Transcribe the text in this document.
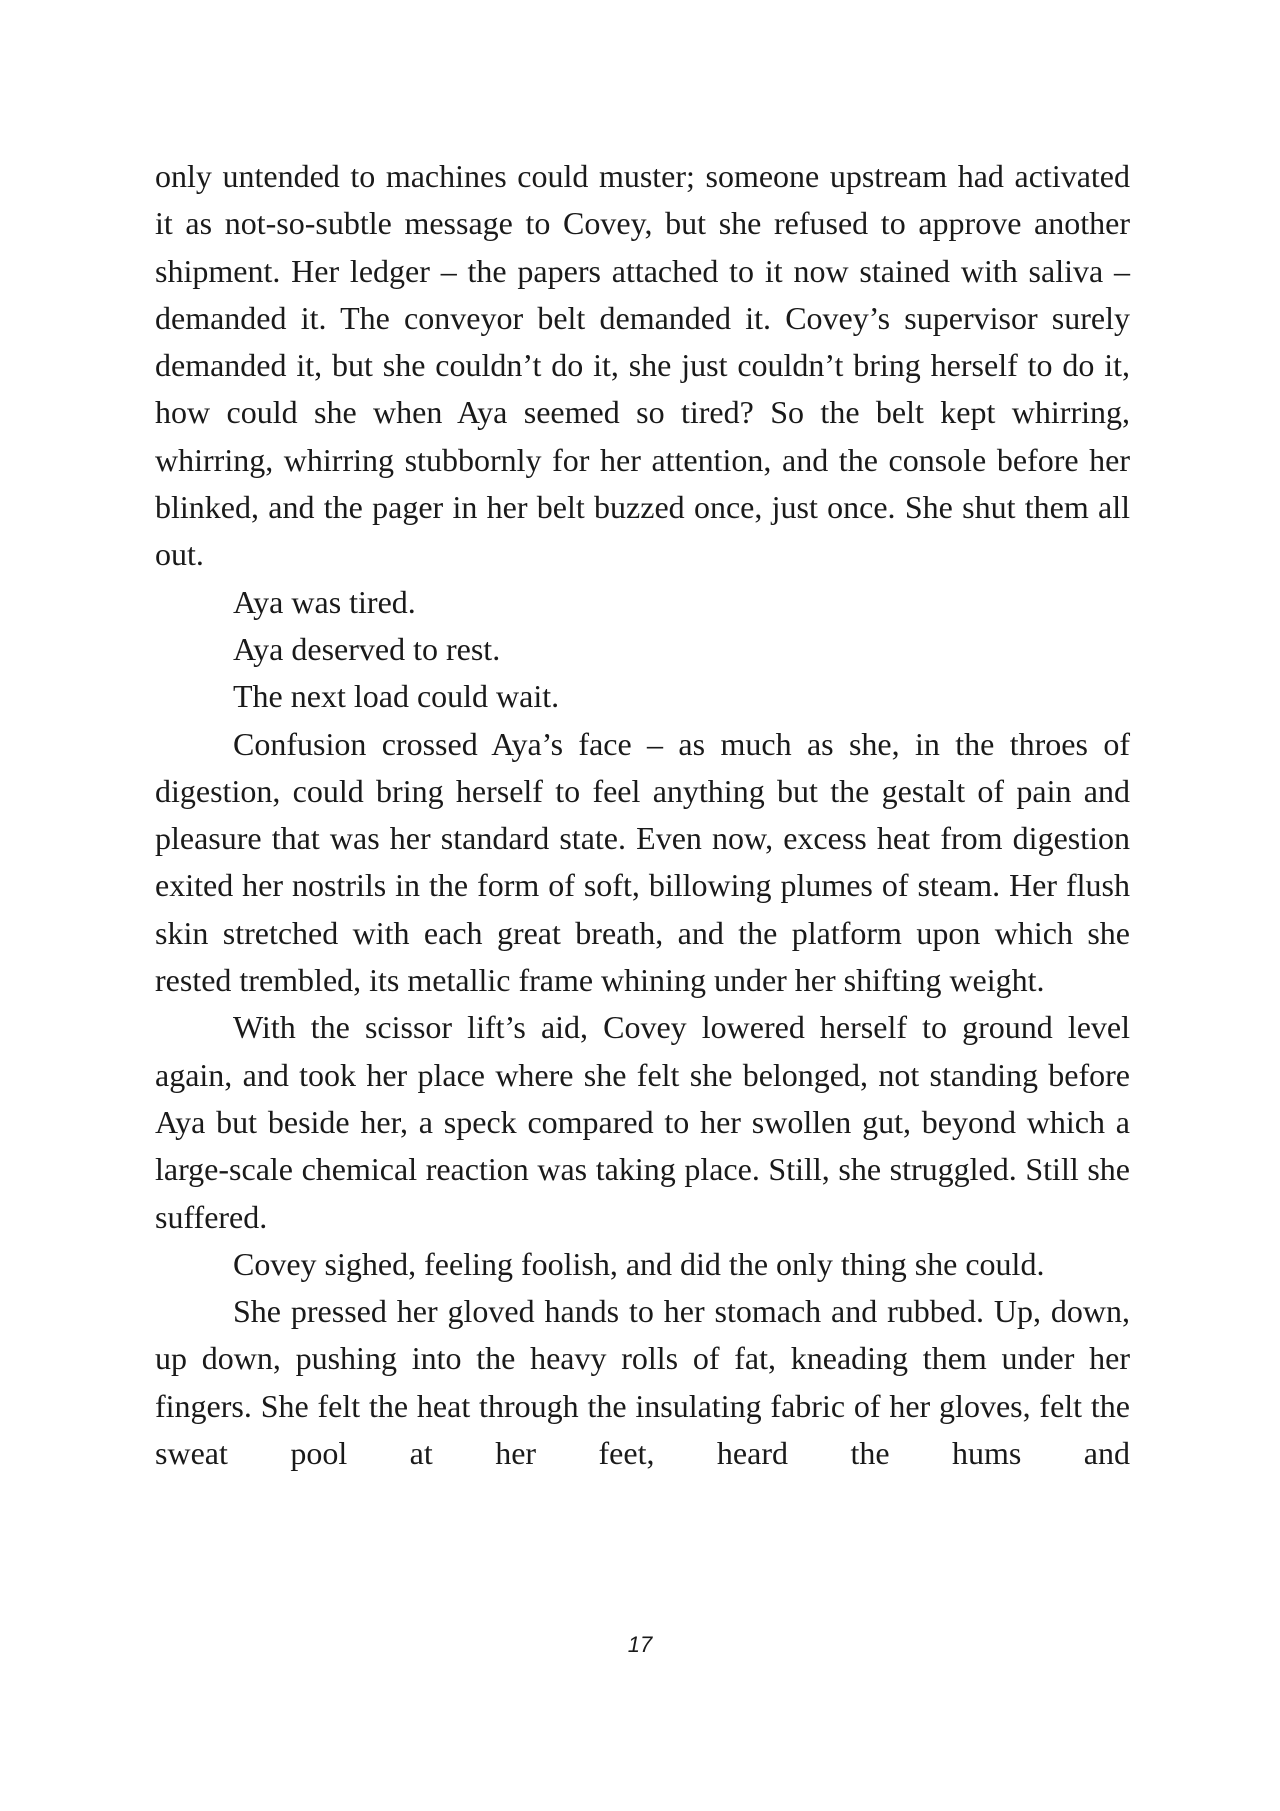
only untended to machines could muster; someone upstream had activated it as not-so-subtle message to Covey, but she refused to approve another shipment. Her ledger – the papers attached to it now stained with saliva – demanded it. The conveyor belt demanded it. Covey’s supervisor surely demanded it, but she couldn’t do it, she just couldn’t bring herself to do it, how could she when Aya seemed so tired? So the belt kept whirring, whirring, whirring stubbornly for her attention, and the console before her blinked, and the pager in her belt buzzed once, just once. She shut them all out.

Aya was tired.

Aya deserved to rest.

The next load could wait.

Confusion crossed Aya’s face – as much as she, in the throes of digestion, could bring herself to feel anything but the gestalt of pain and pleasure that was her standard state. Even now, excess heat from digestion exited her nostrils in the form of soft, billowing plumes of steam. Her flush skin stretched with each great breath, and the platform upon which she rested trembled, its metallic frame whining under her shifting weight.

With the scissor lift’s aid, Covey lowered herself to ground level again, and took her place where she felt she belonged, not standing before Aya but beside her, a speck compared to her swollen gut, beyond which a large-scale chemical reaction was taking place. Still, she struggled. Still she suffered.

Covey sighed, feeling foolish, and did the only thing she could.

She pressed her gloved hands to her stomach and rubbed. Up, down, up down, pushing into the heavy rolls of fat, kneading them under her fingers. She felt the heat through the insulating fabric of her gloves, felt the sweat pool at her feet, heard the hums and

17
